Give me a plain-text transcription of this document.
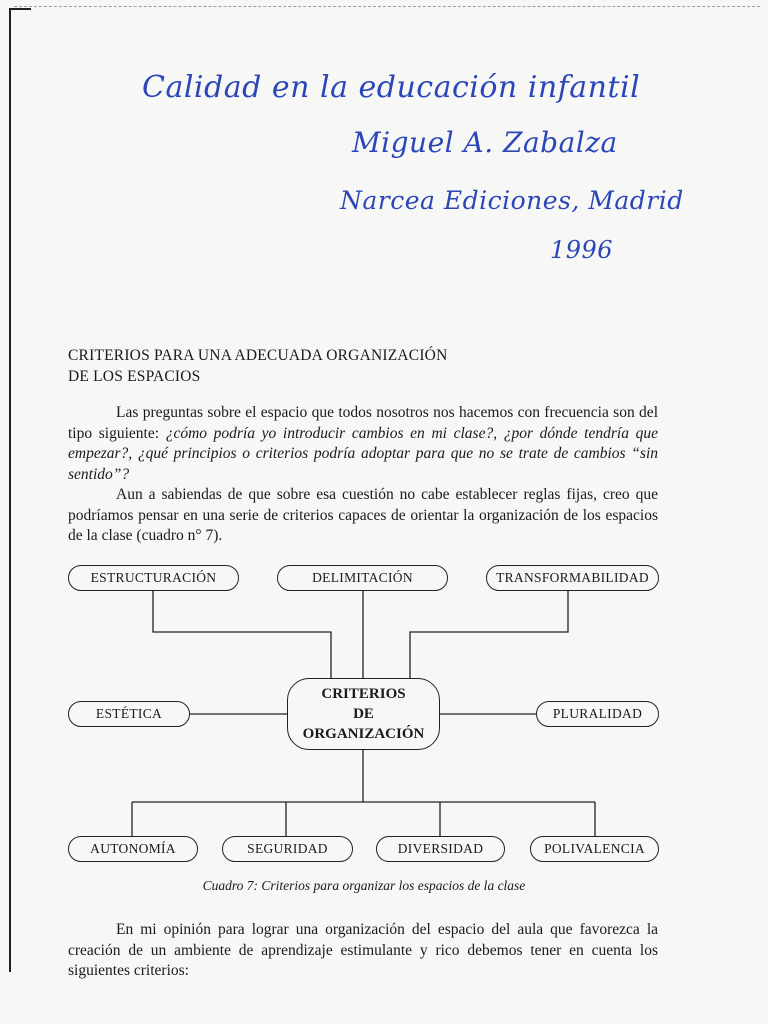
Calidad en la educación infantil
Miguel A. Zabalza
Narcea Ediciones, Madrid
1996
CRITERIOS PARA UNA ADECUADA ORGANIZACIÓN
DE LOS ESPACIOS

Las preguntas sobre el espacio que todos nosotros nos hacemos con frecuencia son del tipo siguiente: ¿cómo podría yo introducir cambios en mi clase?, ¿por dónde tendría que empezar?, ¿qué principios o criterios podría adoptar para que no se trate de cambios “sin sentido”?

Aun a sabiendas de que sobre esa cuestión no cabe establecer reglas fijas, creo que podríamos pensar en una serie de criterios capaces de orientar la organización de los espacios de la clase (cuadro n° 7).

ESTRUCTURACIÓN	DELIMITACIÓN	TRANSFORMABILIDAD
ESTÉTICA	PLURALIDAD
CRITERIOS
DE
ORGANIZACIÓN
AUTONOMÍA	SEGURIDAD	DIVERSIDAD	POLIVALENCIA
Cuadro 7: Criterios para organizar los espacios de la clase

En mi opinión para lograr una organización del espacio del aula que favorezca la creación de un ambiente de aprendizaje estimulante y rico debemos tener en cuenta los siguientes criterios:
